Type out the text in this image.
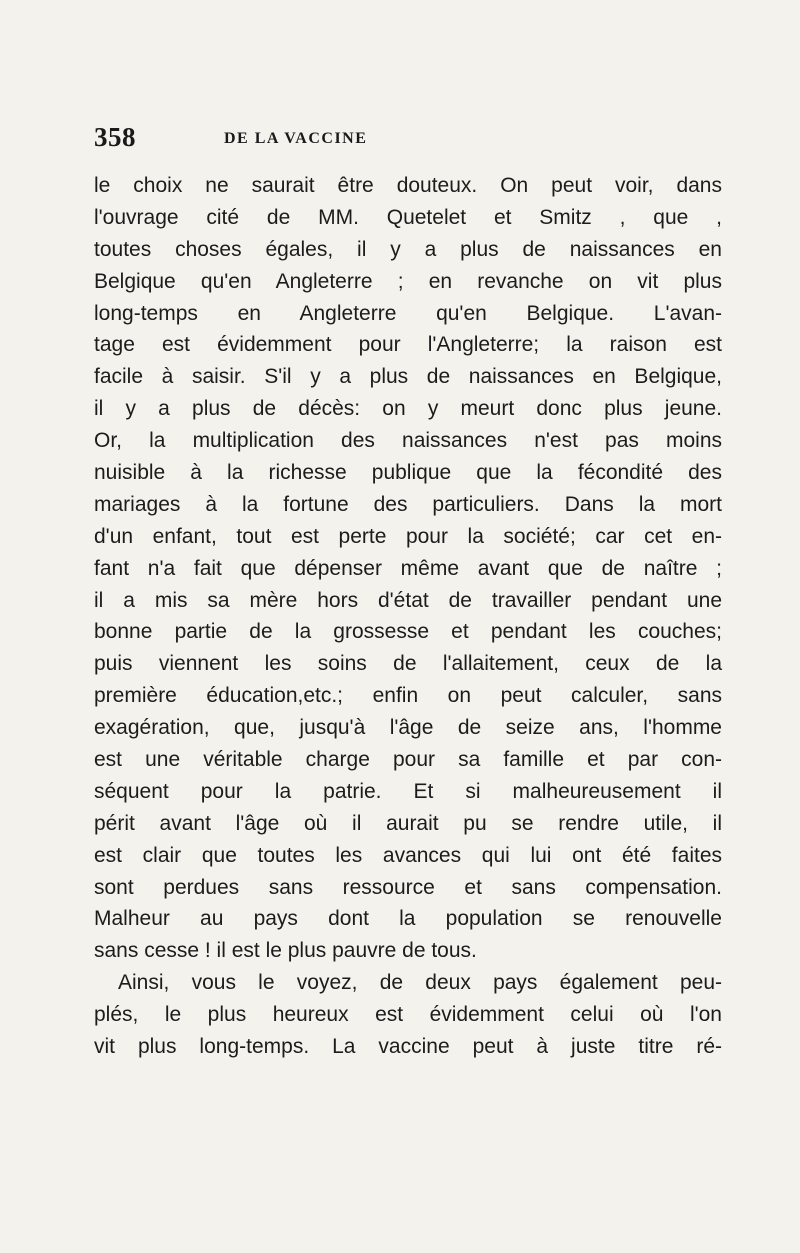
358	DE LA VACCINE
le choix ne saurait être douteux. On peut voir, dans
l'ouvrage cité de MM. Quetelet et Smitz , que ,
toutes choses égales, il y a plus de naissances en
Belgique qu'en Angleterre ; en revanche on vit plus
long-temps en Angleterre qu'en Belgique. L'avan-
tage est évidemment pour l'Angleterre; la raison est
facile à saisir. S'il y a plus de naissances en Belgique,
il y a plus de décès: on y meurt donc plus jeune.
Or, la multiplication des naissances n'est pas moins
nuisible à la richesse publique que la fécondité des
mariages à la fortune des particuliers. Dans la mort
d'un enfant, tout est perte pour la société; car cet en-
fant n'a fait que dépenser même avant que de naître ;
il a mis sa mère hors d'état de travailler pendant une
bonne partie de la grossesse et pendant les couches;
puis viennent les soins de l'allaitement, ceux de la
première éducation,etc.; enfin on peut calculer, sans
exagération, que, jusqu'à l'âge de seize ans, l'homme
est une véritable charge pour sa famille et par con-
séquent pour la patrie. Et si malheureusement il
périt avant l'âge où il aurait pu se rendre utile, il
est clair que toutes les avances qui lui ont été faites
sont perdues sans ressource et sans compensation.
Malheur au pays dont la population se renouvelle
sans cesse ! il est le plus pauvre de tous.
Ainsi, vous le voyez, de deux pays également peu-
plés, le plus heureux est évidemment celui où l'on
vit plus long-temps. La vaccine peut à juste titre ré-
